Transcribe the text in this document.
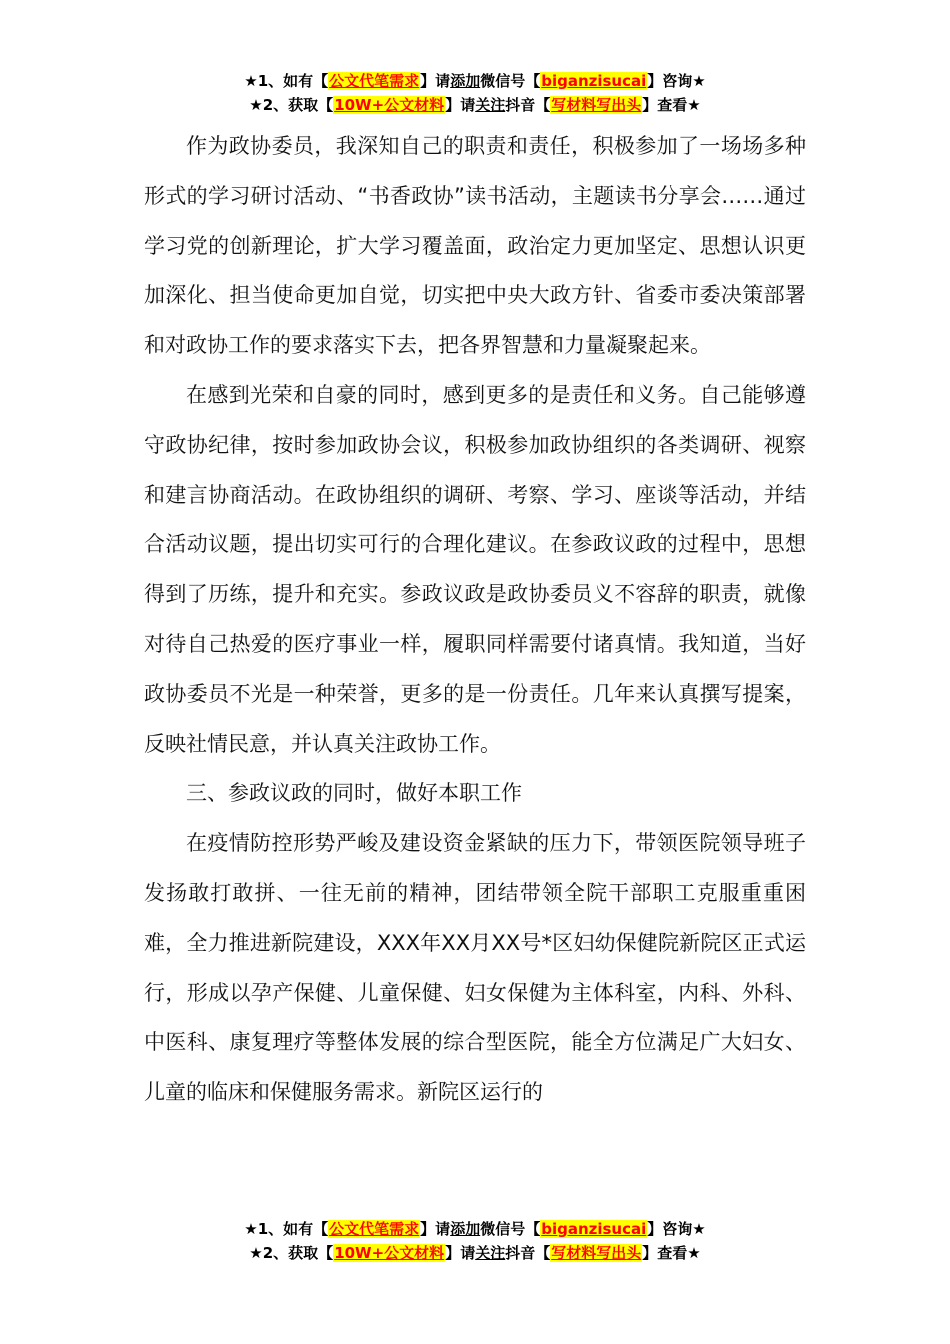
★1、如有【公文代笔需求】请添加微信号【biganzisucai】咨询★
★2、获取【10W+公文材料】请关注抖音【写材料写出头】查看★

作为政协委员，我深知自己的职责和责任，积极参加了一场场多种形式的学习研讨活动、“书香政协”读书活动，主题读书分享会……通过学习党的创新理论，扩大学习覆盖面，政治定力更加坚定、思想认识更加深化、担当使命更加自觉，切实把中央大政方针、省委市委决策部署和对政协工作的要求落实下去，把各界智慧和力量凝聚起来。

在感到光荣和自豪的同时，感到更多的是责任和义务。自己能够遵守政协纪律，按时参加政协会议，积极参加政协组织的各类调研、视察和建言协商活动。在政协组织的调研、考察、学习、座谈等活动，并结合活动议题，提出切实可行的合理化建议。在参政议政的过程中，思想得到了历练，提升和充实。参政议政是政协委员义不容辞的职责，就像对待自己热爱的医疗事业一样，履职同样需要付诸真情。我知道，当好政协委员不光是一种荣誉，更多的是一份责任。几年来认真撰写提案，反映社情民意，并认真关注政协工作。

三、参政议政的同时，做好本职工作

在疫情防控形势严峻及建设资金紧缺的压力下，带领医院领导班子发扬敢打敢拼、一往无前的精神，团结带领全院干部职工克服重重困难，全力推进新院建设，XXX年XX月XX号*区妇幼保健院新院区正式运行，形成以孕产保健、儿童保健、妇女保健为主体科室，内科、外科、中医科、康复理疗等整体发展的综合型医院，能全方位满足广大妇女、儿童的临床和保健服务需求。新院区运行的

★1、如有【公文代笔需求】请添加微信号【biganzisucai】咨询★
★2、获取【10W+公文材料】请关注抖音【写材料写出头】查看★
